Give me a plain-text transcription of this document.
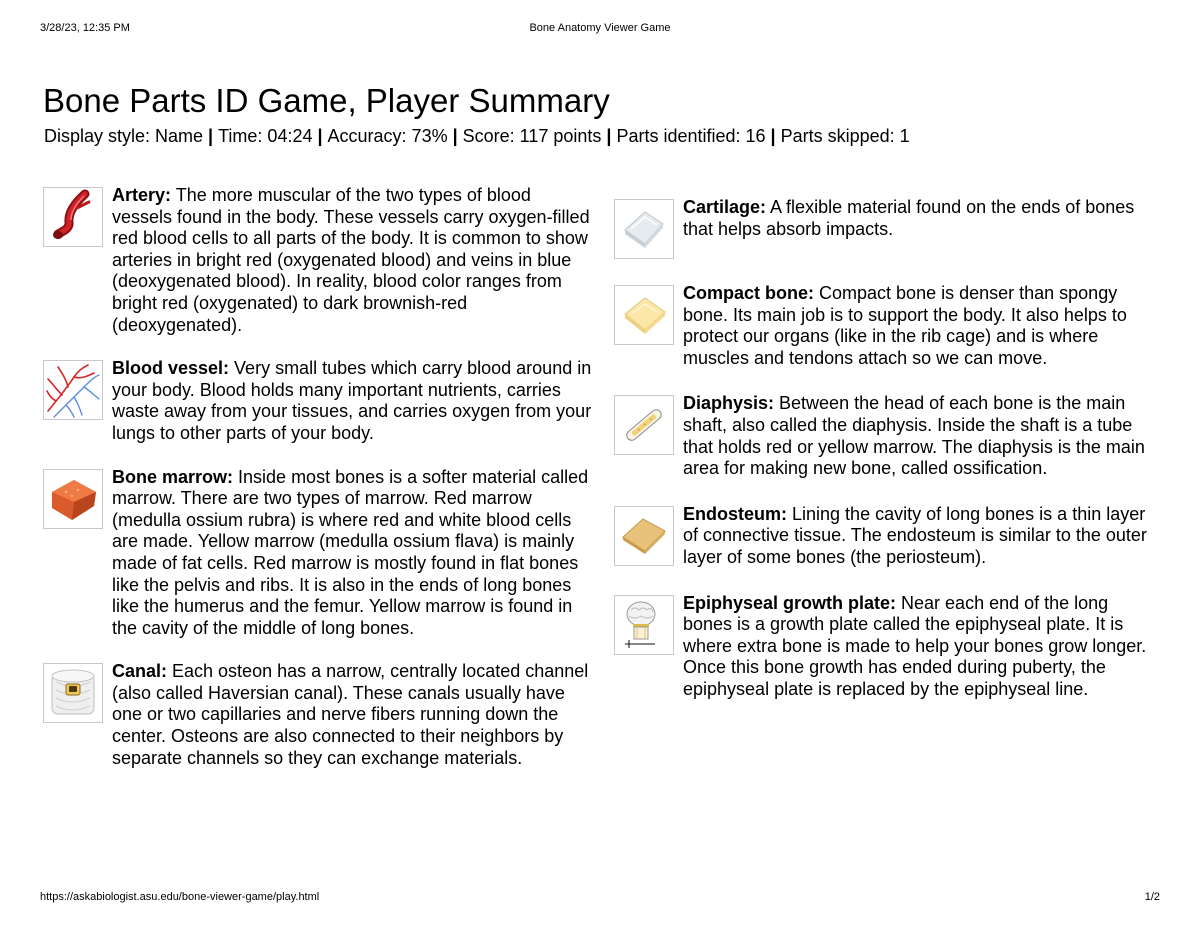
3/28/23, 12:35 PM	Bone Anatomy Viewer Game
Bone Parts ID Game, Player Summary
Display style: Name | Time: 04:24 | Accuracy: 73% | Score: 117 points | Parts identified: 16 | Parts skipped: 1
Artery: The more muscular of the two types of blood vessels found in the body. These vessels carry oxygen-filled red blood cells to all parts of the body. It is common to show arteries in bright red (oxygenated blood) and veins in blue (deoxygenated blood). In reality, blood color ranges from bright red (oxygenated) to dark brownish-red (deoxygenated).
Blood vessel: Very small tubes which carry blood around in your body. Blood holds many important nutrients, carries waste away from your tissues, and carries oxygen from your lungs to other parts of your body.
Bone marrow: Inside most bones is a softer material called marrow. There are two types of marrow. Red marrow (medulla ossium rubra) is where red and white blood cells are made. Yellow marrow (medulla ossium flava) is mainly made of fat cells. Red marrow is mostly found in flat bones like the pelvis and ribs. It is also in the ends of long bones like the humerus and the femur. Yellow marrow is found in the cavity of the middle of long bones.
Canal: Each osteon has a narrow, centrally located channel (also called Haversian canal). These canals usually have one or two capillaries and nerve fibers running down the center. Osteons are also connected to their neighbors by separate channels so they can exchange materials.
Cartilage: A flexible material found on the ends of bones that helps absorb impacts.
Compact bone: Compact bone is denser than spongy bone. Its main job is to support the body. It also helps to protect our organs (like in the rib cage) and is where muscles and tendons attach so we can move.
Diaphysis: Between the head of each bone is the main shaft, also called the diaphysis. Inside the shaft is a tube that holds red or yellow marrow. The diaphysis is the main area for making new bone, called ossification.
Endosteum: Lining the cavity of long bones is a thin layer of connective tissue. The endosteum is similar to the outer layer of some bones (the periosteum).
Epiphyseal growth plate: Near each end of the long bones is a growth plate called the epiphyseal plate. It is where extra bone is made to help your bones grow longer. Once this bone growth has ended during puberty, the epiphyseal plate is replaced by the epiphyseal line.
https://askabiologist.asu.edu/bone-viewer-game/play.html	1/2
